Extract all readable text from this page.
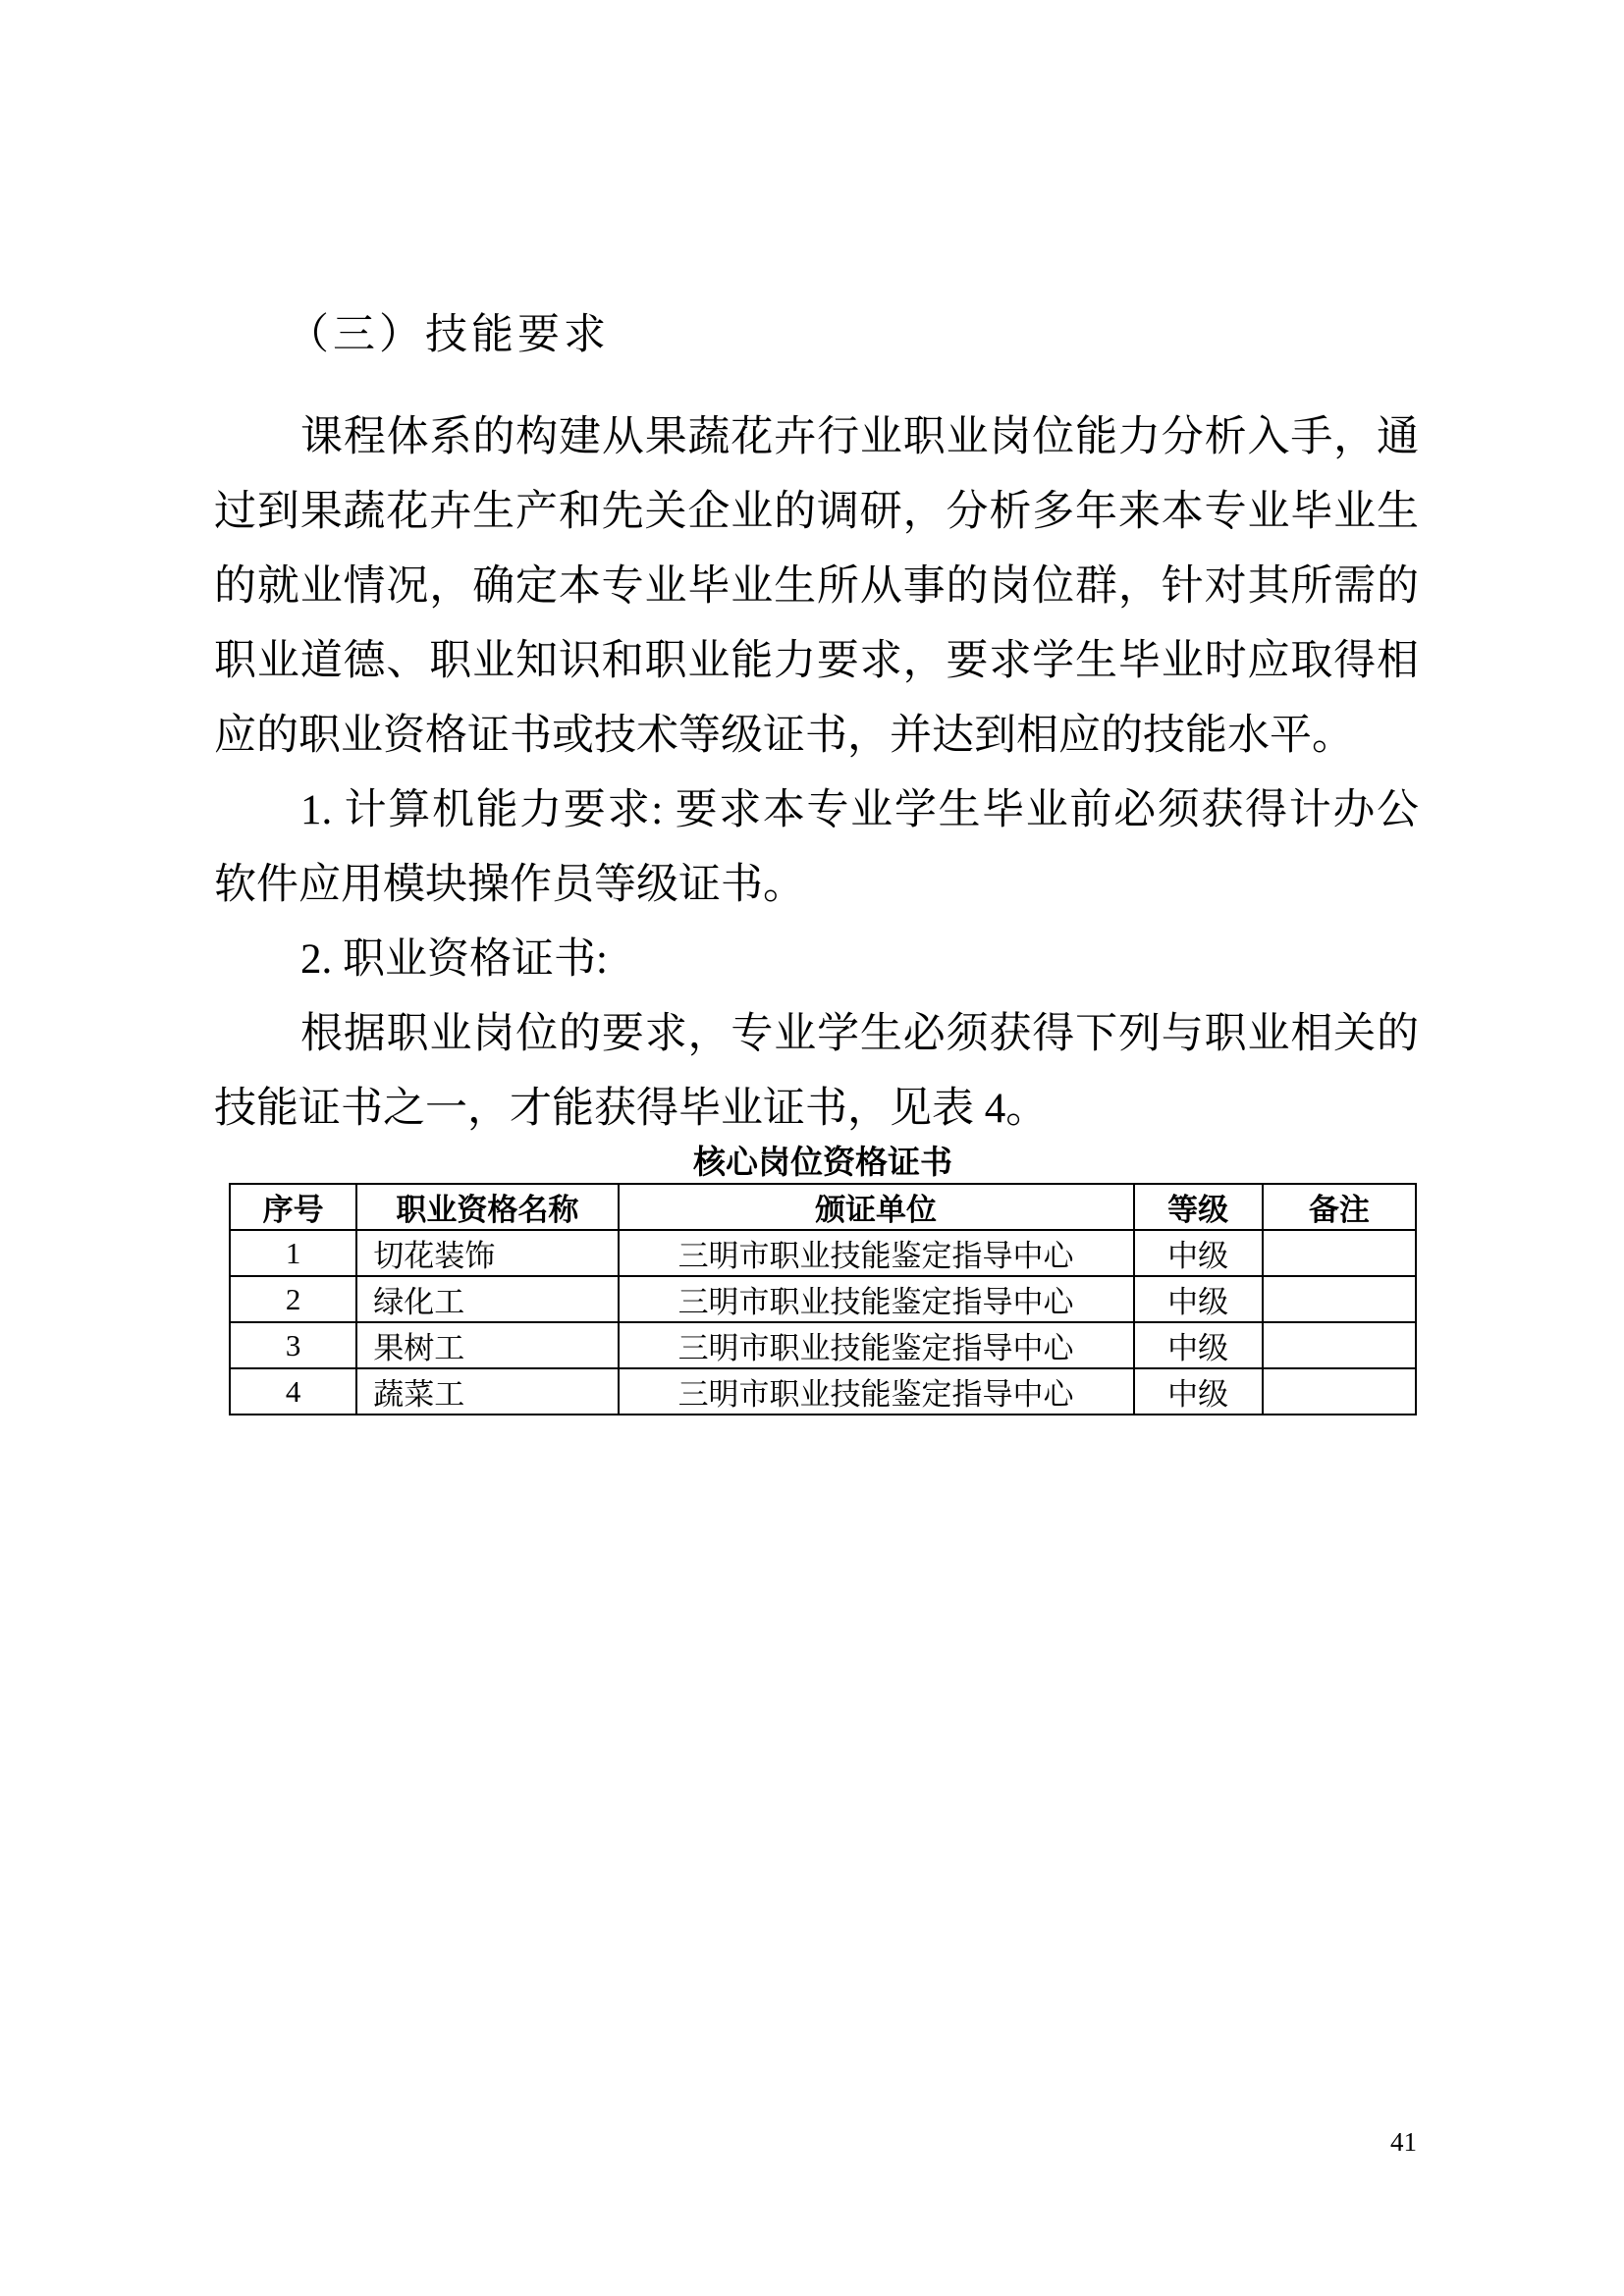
（三）技能要求
课程体系的构建从果蔬花卉行业职业岗位能力分析入手，通
过到果蔬花卉生产和先关企业的调研，分析多年来本专业毕业生
的就业情况，确定本专业毕业生所从事的岗位群，针对其所需的
职业道德、职业知识和职业能力要求，要求学生毕业时应取得相
应的职业资格证书或技术等级证书，并达到相应的技能水平。
1. 计算机能力要求: 要求本专业学生毕业前必须获得计办公
软件应用模块操作员等级证书。
2. 职业资格证书:
根据职业岗位的要求，专业学生必须获得下列与职业相关的
技能证书之一，才能获得毕业证书，见表 4。
核心岗位资格证书
序号	职业资格名称	颁证单位	等级	备注
1	切花装饰	三明市职业技能鉴定指导中心	中级	
2	绿化工	三明市职业技能鉴定指导中心	中级	
3	果树工	三明市职业技能鉴定指导中心	中级	
4	蔬菜工	三明市职业技能鉴定指导中心	中级	
41
